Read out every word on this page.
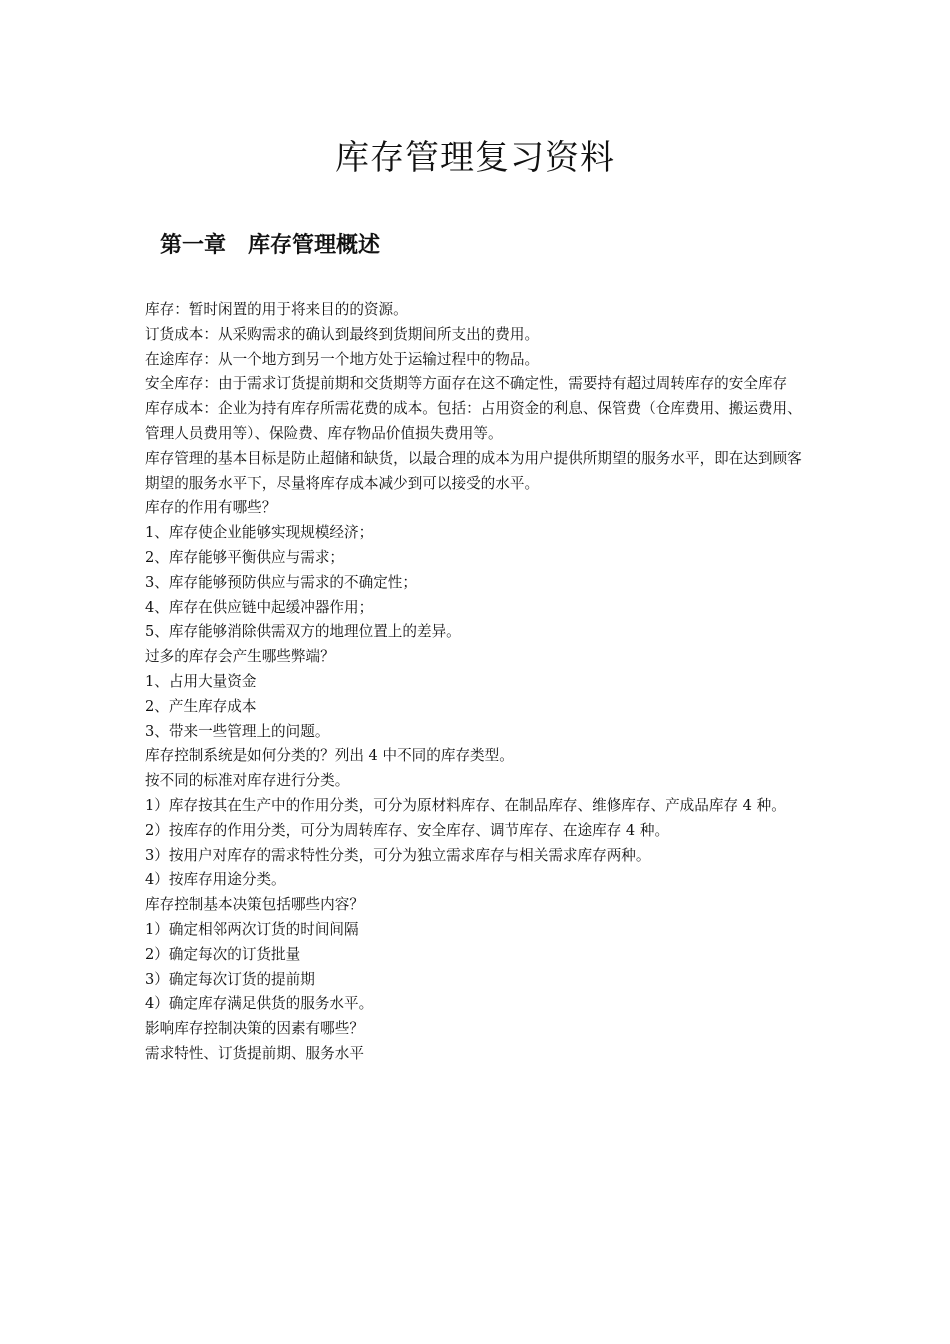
库存管理复习资料
第一章　库存管理概述

库存：暂时闲置的用于将来目的的资源。

订货成本：从采购需求的确认到最终到货期间所支出的费用。

在途库存：从一个地方到另一个地方处于运输过程中的物品。

安全库存：由于需求订货提前期和交货期等方面存在这不确定性，需要持有超过周转库存的安全库存

库存成本：企业为持有库存所需花费的成本。包括：占用资金的利息、保管费（仓库费用、搬运费用、管理人员费用等）、保险费、库存物品价值损失费用等。

库存管理的基本目标是防止超储和缺货，以最合理的成本为用户提供所期望的服务水平，即在达到顾客期望的服务水平下，尽量将库存成本减少到可以接受的水平。

库存的作用有哪些？

1、库存使企业能够实现规模经济；

2、库存能够平衡供应与需求；

3、库存能够预防供应与需求的不确定性；

4、库存在供应链中起缓冲器作用；

5、库存能够消除供需双方的地理位置上的差异。

过多的库存会产生哪些弊端？

1、占用大量资金

2、产生库存成本

3、带来一些管理上的问题。

库存控制系统是如何分类的？列出 4 中不同的库存类型。

按不同的标准对库存进行分类。

1）库存按其在生产中的作用分类，可分为原材料库存、在制品库存、维修库存、产成品库存 4 种。

2）按库存的作用分类，可分为周转库存、安全库存、调节库存、在途库存 4 种。

3）按用户对库存的需求特性分类，可分为独立需求库存与相关需求库存两种。

4）按库存用途分类。

库存控制基本决策包括哪些内容？

1）确定相邻两次订货的时间间隔

2）确定每次的订货批量

3）确定每次订货的提前期

4）确定库存满足供货的服务水平。

影响库存控制决策的因素有哪些？

需求特性、订货提前期、服务水平
